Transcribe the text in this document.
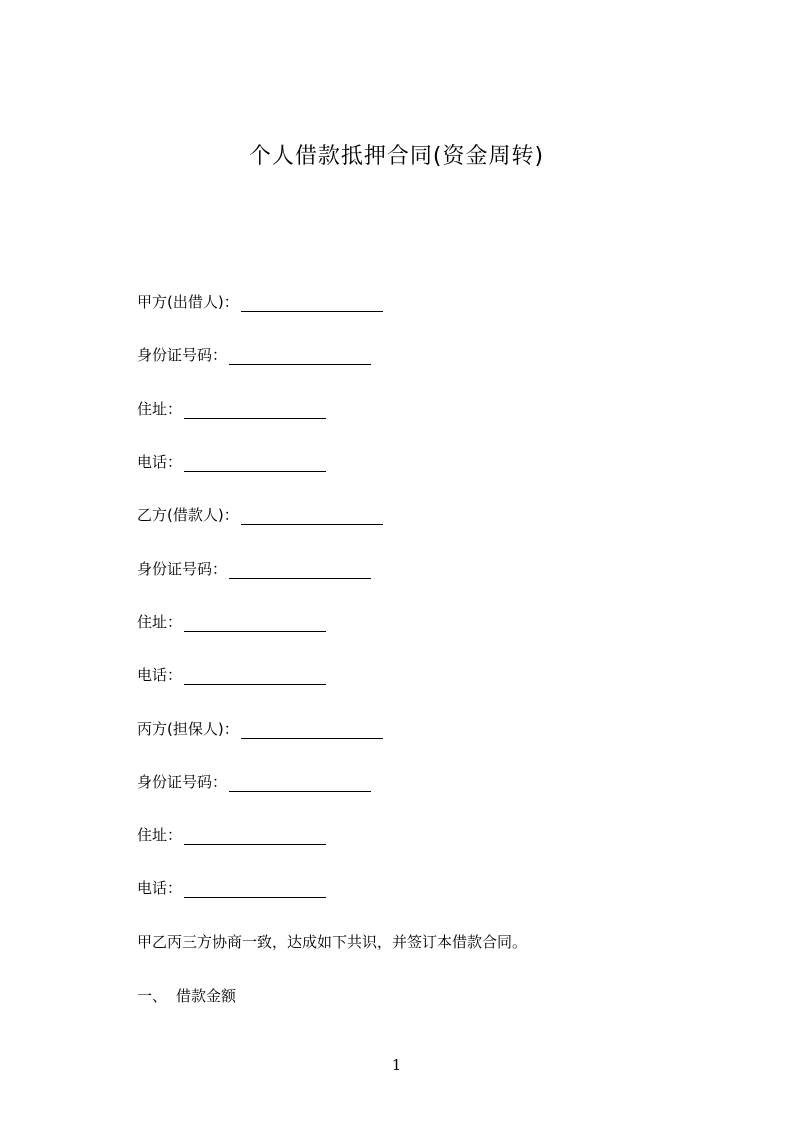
个人借款抵押合同(资金周转)
甲方(出借人)：
身份证号码：
住址：
电话：
乙方(借款人)：
身份证号码：
住址：
电话：
丙方(担保人)：
身份证号码：
住址：
电话：
甲乙丙三方协商一致，达成如下共识，并签订本借款合同。
一、 借款金额
1
